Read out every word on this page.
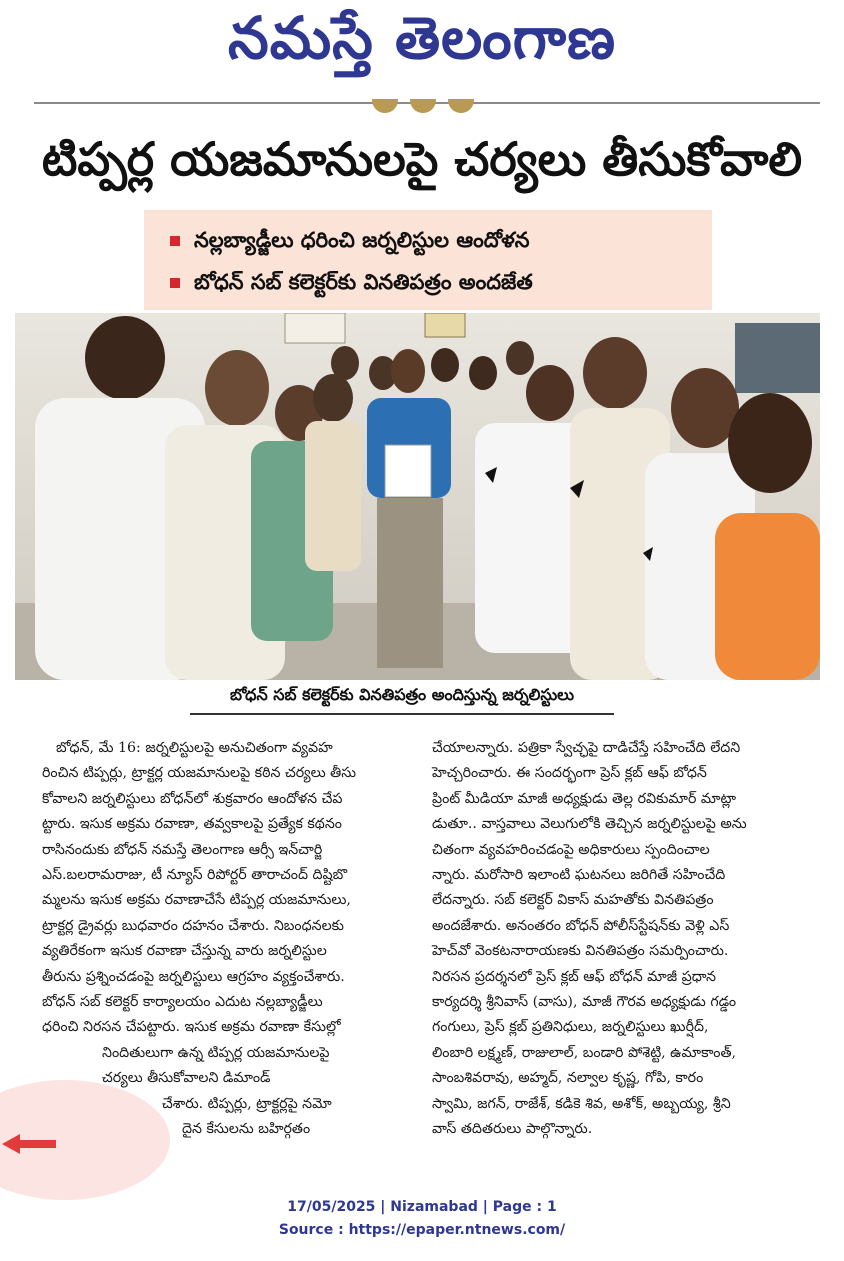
నమస్తే తెలంగాణ
టిప్పర్ల యజమానులపై చర్యలు తీసుకోవాలి
నల్లబ్యాడ్జీలు ధరించి జర్నలిస్టుల ఆందోళన
బోధన్ సబ్ కలెక్టర్‌కు వినతిపత్రం అందజేత
బోధన్ సబ్ కలెక్టర్‌కు వినతిపత్రం అందిస్తున్న జర్నలిస్టులు

బోధన్, మే 16: జర్నలిస్టులపై అనుచితంగా వ్యవహ

రించిన టిప్పర్లు, ట్రాక్టర్ల యజమానులపై కఠిన చర్యలు తీసు

కోవాలని జర్నలిస్టులు బోధన్‌లో శుక్రవారం ఆందోళన చేప

ట్టారు. ఇసుక అక్రమ రవాణా, తవ్వకాలపై ప్రత్యేక కథనం

రాసినందుకు బోధన్ నమస్తే తెలంగాణ ఆర్సీ ఇన్‌చార్జి

ఎస్.బలరామరాజు, టీ న్యూస్ రిపోర్టర్ తారాచంద్ దిష్టిబొ

మ్మలను ఇసుక అక్రమ రవాణాచేసే టిప్పర్ల యజమానులు,

ట్రాక్టర్ల డ్రైవర్లు బుధవారం దహనం చేశారు. నిబంధనలకు

వ్యతిరేకంగా ఇసుక రవాణా చేస్తున్న వారు జర్నలిస్టుల

తీరును ప్రశ్నించడంపై జర్నలిస్టులు ఆగ్రహం వ్యక్తంచేశారు.

బోధన్ సబ్ కలెక్టర్ కార్యాలయం ఎదుట నల్లబ్యాడ్జీలు

ధరించి నిరసన చేపట్టారు. ఇసుక అక్రమ రవాణా కేసుల్లో

నిందితులుగా ఉన్న టిప్పర్ల యజమానులపై

చర్యలు తీసుకోవాలని డిమాండ్

చేశారు. టిప్పర్లు, ట్రాక్టర్లపై నమో

దైన కేసులను బహిర్గతం

చేయాలన్నారు. పత్రికా స్వేచ్ఛపై దాడిచేస్తే సహించేది లేదని

హెచ్చరించారు. ఈ సందర్భంగా ప్రెస్ క్లబ్ ఆఫ్ బోధన్

ప్రింట్ మీడియా మాజీ అధ్యక్షుడు తెల్ల రవికుమార్ మాట్లా

డుతూ.. వాస్తవాలు వెలుగులోకి తెచ్చిన జర్నలిస్టులపై అను

చితంగా వ్యవహరించడంపై అధికారులు స్పందించాల

న్నారు. మరోసారి ఇలాంటి ఘటనలు జరిగితే సహించేది

లేదన్నారు. సబ్ కలెక్టర్ వికాస్ మహతోకు వినతిపత్రం

అందజేశారు. అనంతరం బోధన్ పోలీస్‌స్టేషన్‌కు వెళ్లి ఎస్

హెచ్‌వో వెంకటనారాయణకు వినతిపత్రం సమర్పించారు.

నిరసన ప్రదర్శనలో ప్రెస్ క్లబ్ ఆఫ్ బోధన్ మాజీ ప్రధాన

కార్యదర్శి శ్రీనివాస్ (వాసు), మాజీ గౌరవ అధ్యక్షుడు గడ్డం

గంగులు, ప్రెస్ క్లబ్ ప్రతినిధులు, జర్నలిస్టులు ఖుర్షీద్,

లింబారి లక్ష్మణ్, రాజులాల్, బండారి పోశెట్టి, ఉమాకాంత్,

సాంబశివరావు, అహ్మద్, నల్వాల కృష్ణ, గోపి, కారం

స్వామి, జగన్, రాజేశ్, కడికె శివ, అశోక్, అబ్బయ్య, శ్రీని

వాస్ తదితరులు పాల్గొన్నారు.

17/05/2025 | Nizamabad | Page : 1
Source : https://epaper.ntnews.com/
